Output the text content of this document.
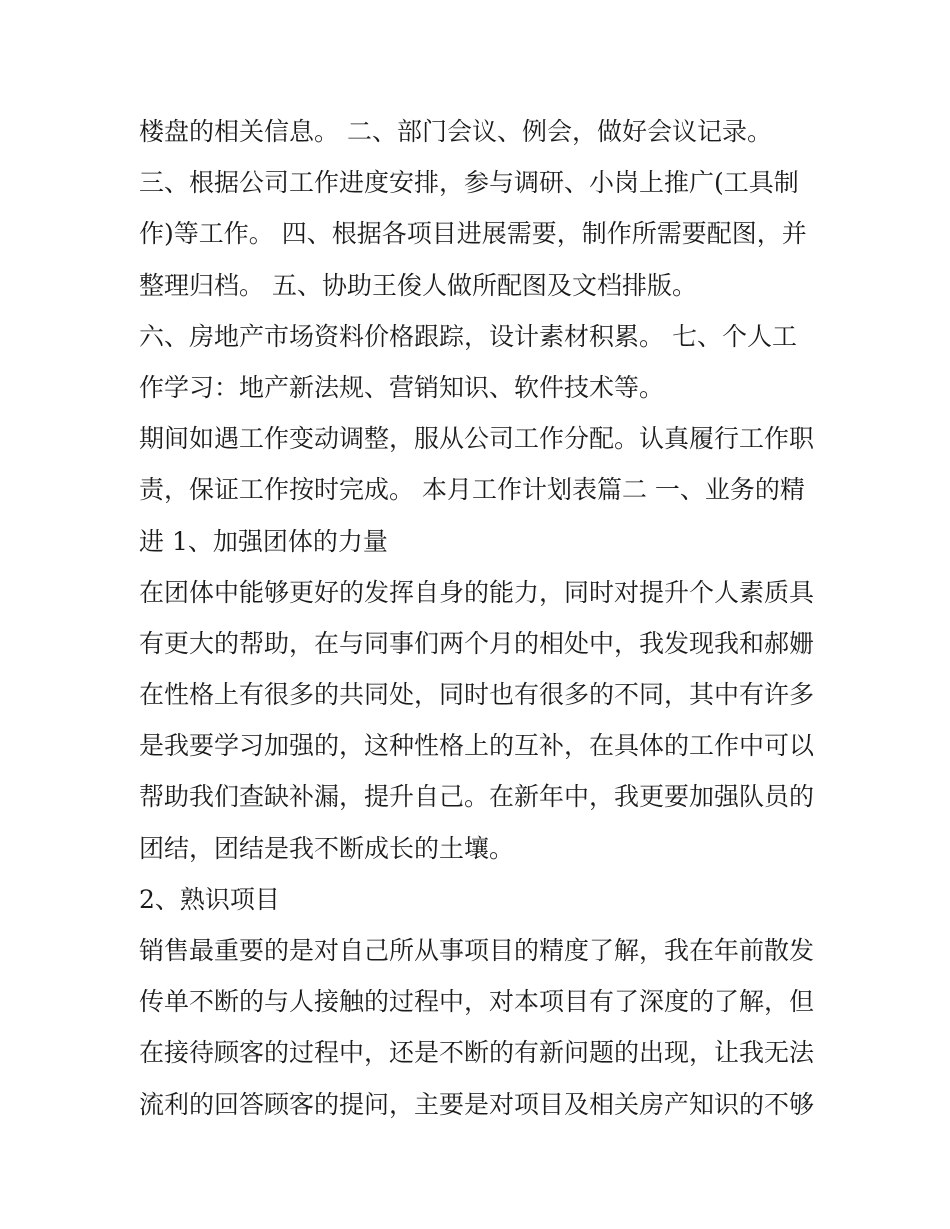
楼盘的相关信息。 二、部门会议、例会，做好会议记录。
三、根据公司工作进度安排，参与调研、小岗上推广(工具制
作)等工作。 四、根据各项目进展需要，制作所需要配图，并
整理归档。 五、协助王俊人做所配图及文档排版。
六、房地产市场资料价格跟踪，设计素材积累。 七、个人工
作学习：地产新法规、营销知识、软件技术等。
期间如遇工作变动调整，服从公司工作分配。认真履行工作职
责，保证工作按时完成。 本月工作计划表篇二 一、业务的精
进 1、加强团体的力量
在团体中能够更好的发挥自身的能力，同时对提升个人素质具
有更大的帮助，在与同事们两个月的相处中，我发现我和郝姗
在性格上有很多的共同处，同时也有很多的不同，其中有许多
是我要学习加强的，这种性格上的互补，在具体的工作中可以
帮助我们查缺补漏，提升自己。在新年中，我更要加强队员的
团结，团结是我不断成长的土壤。
2、熟识项目
销售最重要的是对自己所从事项目的精度了解，我在年前散发
传单不断的与人接触的过程中，对本项目有了深度的了解，但
在接待顾客的过程中，还是不断的有新问题的出现，让我无法
流利的回答顾客的提问，主要是对项目及相关房产知识的不够
